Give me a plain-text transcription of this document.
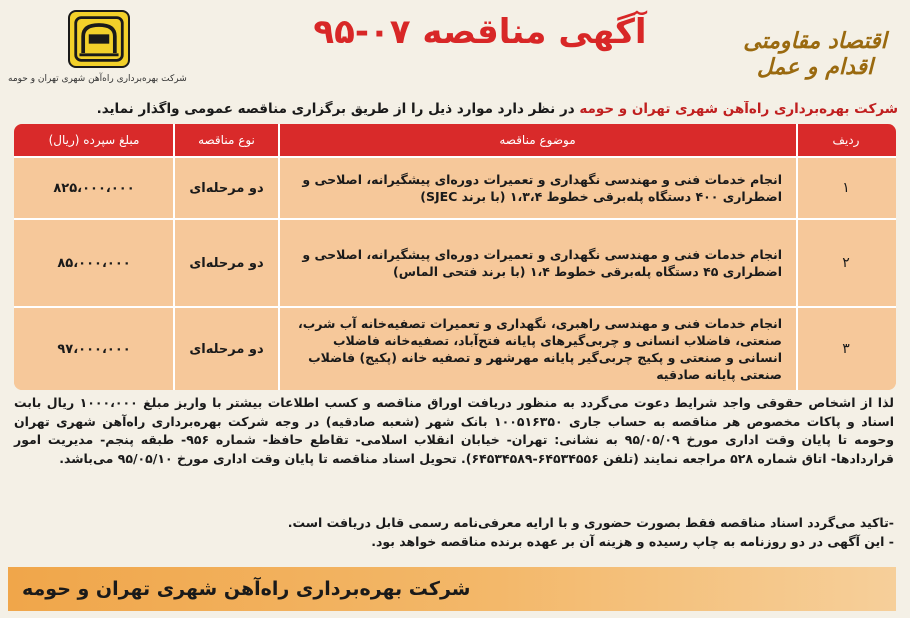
شرکت بهره‌برداری راه‌آهن شهری تهران و حومه
آگهی مناقصه ۰۷-۹۵	اقتصاد مقاومتی اقدام و عمل
شرکت بهره‌برداری راه‌آهن شهری تهران و حومه در نظر دارد موارد ذیل را از طریق برگزاری مناقصه عمومی واگذار نماید.
ردیف
موضوع مناقصه
نوع مناقصه
مبلغ سپرده (ریال)
۱
انجام خدمات فنی و مهندسی نگهداری و تعمیرات دوره‌ای پیشگیرانه، اصلاحی و اضطراری ۴۰۰ دستگاه پله‌برقی خطوط ۱،۳،۴ (با برند SJEC)
دو مرحله‌ای
۸۲۵،۰۰۰،۰۰۰
۲
انجام خدمات فنی و مهندسی نگهداری و تعمیرات دوره‌ای پیشگیرانه، اصلاحی و اضطراری ۴۵ دستگاه پله‌برقی خطوط ۱،۴ (با برند فتحی الماس)
دو مرحله‌ای
۸۵،۰۰۰،۰۰۰
۳
انجام خدمات فنی و مهندسی راهبری، نگهداری و تعمیرات تصفیه‌خانه آب شرب، صنعتی، فاضلاب انسانی و چربی‌گیرهای پایانه فتح‌آباد، تصفیه‌خانه فاضلاب انسانی و صنعتی و پکیج چربی‌گیر پایانه مهرشهر و تصفیه خانه (پکیج) فاضلاب صنعتی پایانه صادقیه
دو مرحله‌ای
۹۷،۰۰۰،۰۰۰

لذا از اشخاص حقوقی واجد شرایط دعوت می‌گردد به منظور دریافت اوراق مناقصه و کسب اطلاعات بیشتر با واریز مبلغ ۱۰۰۰،۰۰۰ ریال بابت اسناد و پاکات مخصوص هر مناقصه به حساب جاری ۱۰۰۵۱۶۳۵۰ بانک شهر (شعبه صادقیه) در وجه شرکت بهره‌برداری راه‌آهن شهری تهران وحومه تا پایان وقت اداری مورخ ۹۵/۰۵/۰۹ به نشانی: تهران- خیابان انقلاب اسلامی- تقاطع حافظ- شماره ۹۵۶- طبقه پنجم- مدیریت امور قراردادها- اتاق شماره ۵۲۸ مراجعه نمایند (تلفن ۶۴۵۳۴۵۵۶-۶۴۵۳۴۵۸۹). تحویل اسناد مناقصه تا پایان وقت اداری مورخ ۹۵/۰۵/۱۰ می‌باشد.

-تاکید می‌گردد اسناد مناقصه فقط بصورت حضوری و با ارایه معرفی‌نامه رسمی قابل دریافت است.

- این آگهی در دو روزنامه به چاپ رسیده و هزینه آن بر عهده برنده مناقصه خواهد بود.

شرکت بهره‌برداری راه‌آهن شهری تهران و حومه
